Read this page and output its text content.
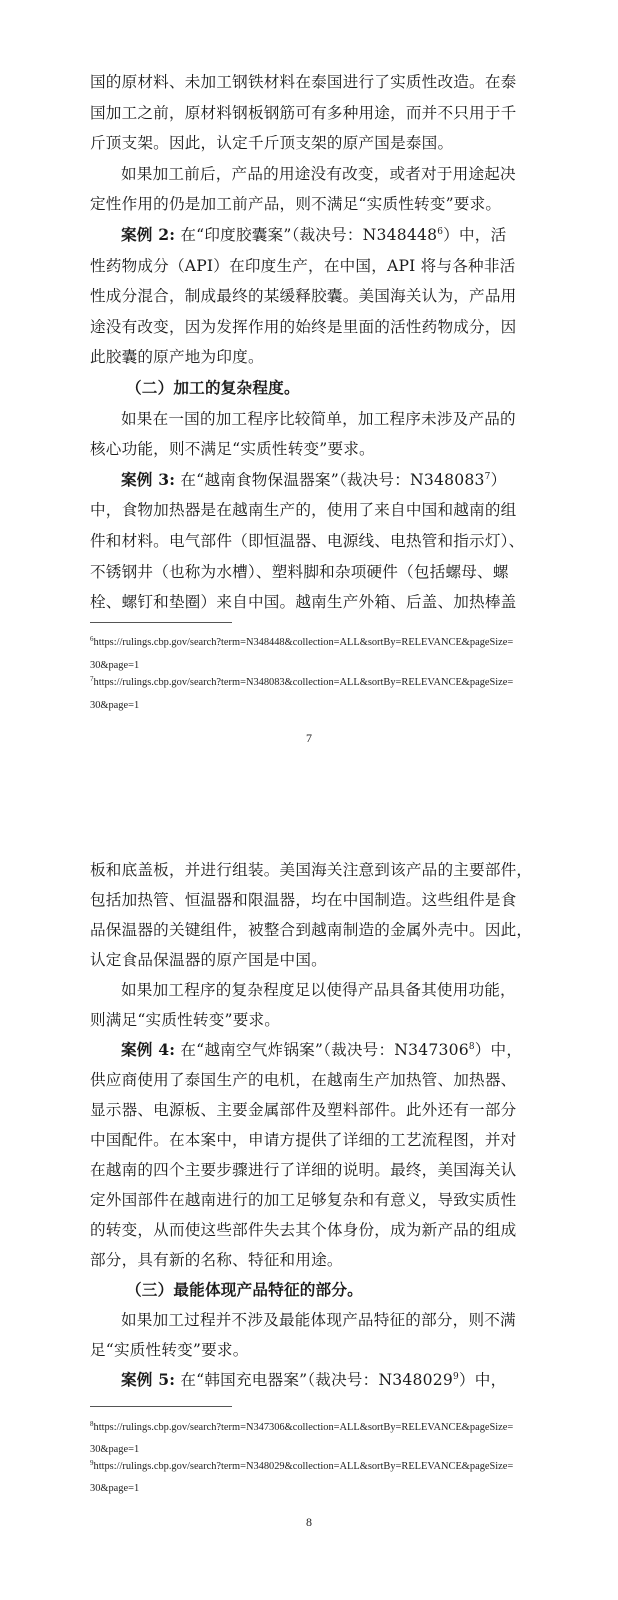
国的原材料、未加工钢铁材料在泰国进行了实质性改造。在泰
国加工之前，原材料钢板钢筋可有多种用途，而并不只用于千
斤顶支架。因此，认定千斤顶支架的原产国是泰国。
如果加工前后，产品的用途没有改变，或者对于用途起决
定性作用的仍是加工前产品，则不满足“实质性转变”要求。
案例 2: 在“印度胶囊案”（裁决号：N348448$^6$）中，活
性药物成分（API）在印度生产，在中国，API 将与各种非活
性成分混合，制成最终的某缓释胶囊。美国海关认为，产品用
途没有改变，因为发挥作用的始终是里面的活性药物成分，因
此胶囊的原产地为印度。
（二）加工的复杂程度。
如果在一国的加工程序比较简单，加工程序未涉及产品的
核心功能，则不满足“实质性转变”要求。
案例 3: 在“越南食物保温器案”（裁决号：N348083$^7$）
中，食物加热器是在越南生产的，使用了来自中国和越南的组
件和材料。电气部件（即恒温器、电源线、电热管和指示灯）、
不锈钢井（也称为水槽）、塑料脚和杂项硬件（包括螺母、螺
栓、螺钉和垫圈）来自中国。越南生产外箱、后盖、加热棒盖
$^6$https://rulings.cbp.gov/search?term=N348448&collection=ALL&sortBy=RELEVANCE&pageSize=
30&page=1
$^7$https://rulings.cbp.gov/search?term=N348083&collection=ALL&sortBy=RELEVANCE&pageSize=
30&page=1
7
板和底盖板，并进行组装。美国海关注意到该产品的主要部件，
包括加热管、恒温器和限温器，均在中国制造。这些组件是食
品保温器的关键组件，被整合到越南制造的金属外壳中。因此，
认定食品保温器的原产国是中国。
如果加工程序的复杂程度足以使得产品具备其使用功能，
则满足“实质性转变”要求。
案例 4: 在“越南空气炸锅案”（裁决号：N347306$^8$）中，
供应商使用了泰国生产的电机，在越南生产加热管、加热器、
显示器、电源板、主要金属部件及塑料部件。此外还有一部分
中国配件。在本案中，申请方提供了详细的工艺流程图，并对
在越南的四个主要步骤进行了详细的说明。最终，美国海关认
定外国部件在越南进行的加工足够复杂和有意义，导致实质性
的转变，从而使这些部件失去其个体身份，成为新产品的组成
部分，具有新的名称、特征和用途。
（三）最能体现产品特征的部分。
如果加工过程并不涉及最能体现产品特征的部分，则不满
足“实质性转变”要求。
案例 5: 在“韩国充电器案”（裁决号：N348029$^9$）中，
$^8$https://rulings.cbp.gov/search?term=N347306&collection=ALL&sortBy=RELEVANCE&pageSize=
30&page=1
$^9$https://rulings.cbp.gov/search?term=N348029&collection=ALL&sortBy=RELEVANCE&pageSize=
30&page=1
8
